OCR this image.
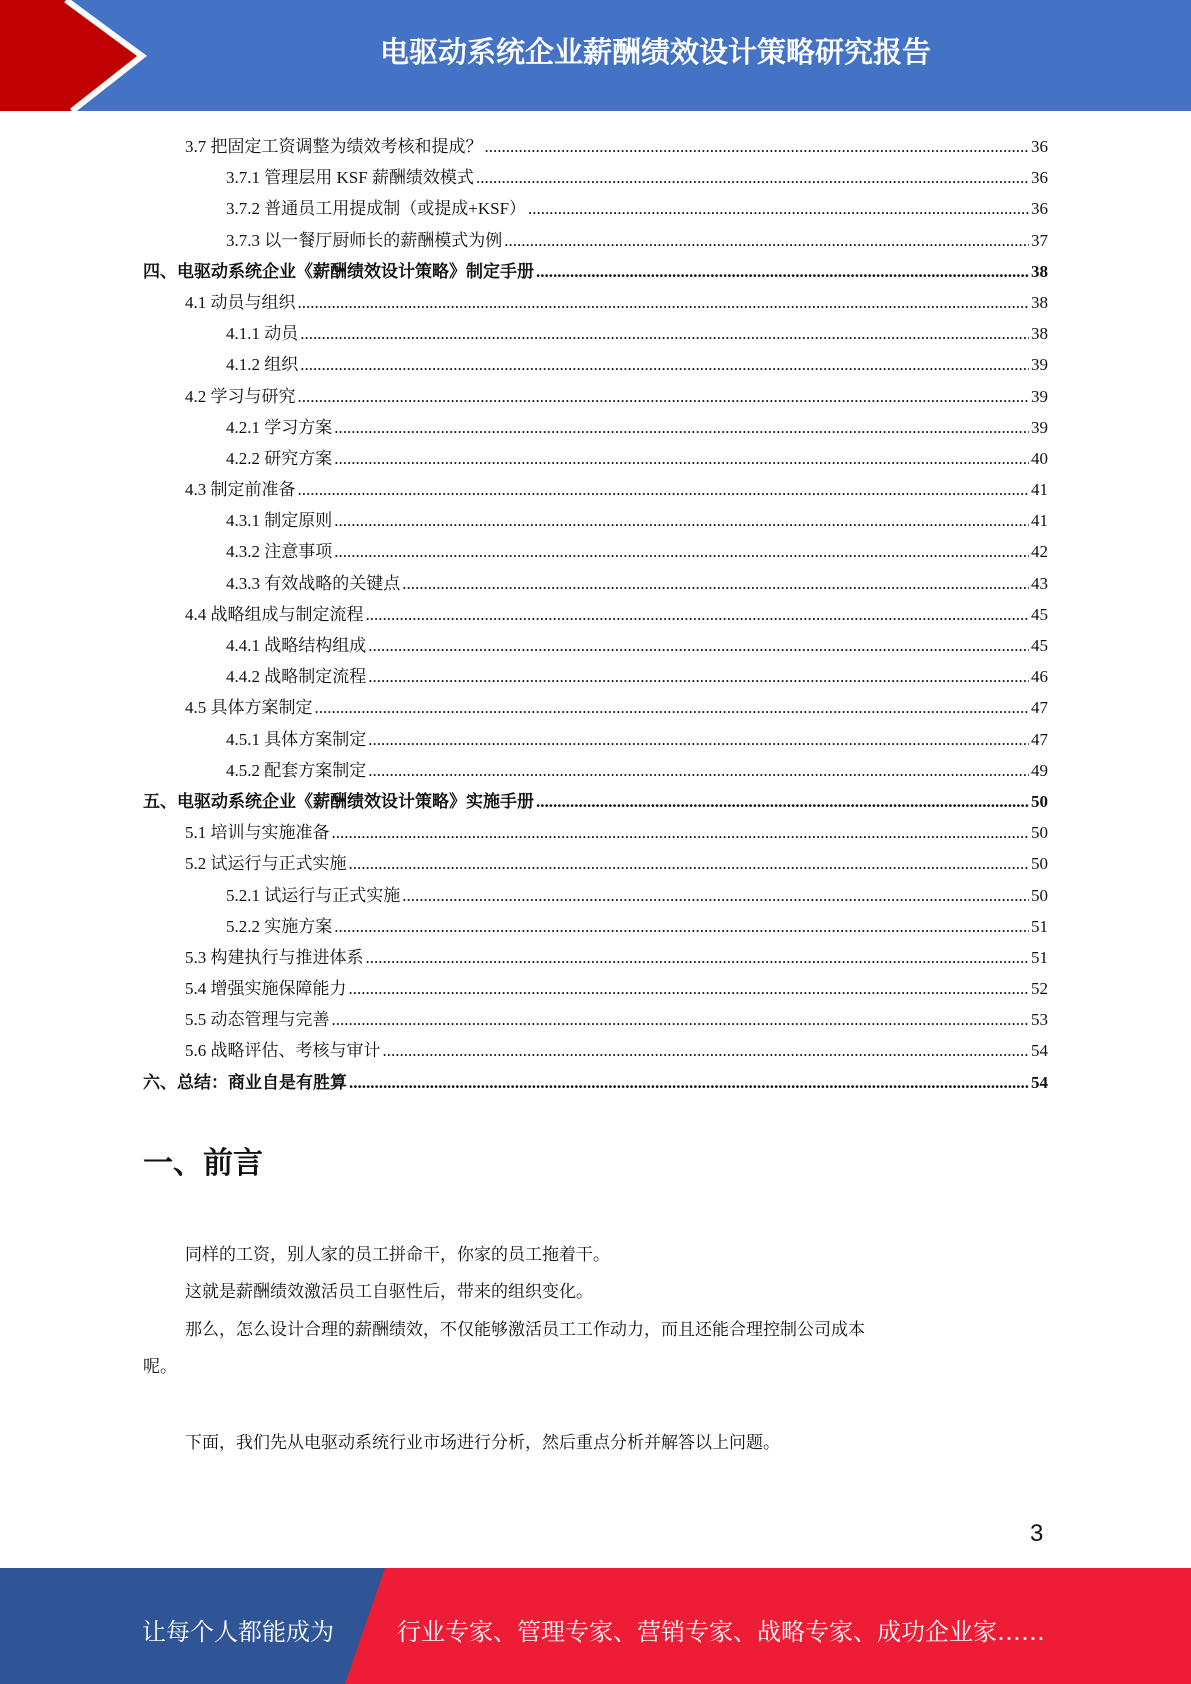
电驱动系统企业薪酬绩效设计策略研究报告
3.7 把固定工资调整为绩效考核和提成？ .....	36
3.7.1 管理层用 KSF 薪酬绩效模式 .....	36
3.7.2 普通员工用提成制（或提成+KSF） .....	36
3.7.3 以一餐厅厨师长的薪酬模式为例 .....	37
四、电驱动系统企业《薪酬绩效设计策略》制定手册 .....	38
4.1 动员与组织 .....	38
4.1.1 动员 .....	38
4.1.2 组织 .....	39
4.2 学习与研究 .....	39
4.2.1 学习方案 .....	39
4.2.2 研究方案 .....	40
4.3 制定前准备 .....	41
4.3.1 制定原则 .....	41
4.3.2 注意事项 .....	42
4.3.3 有效战略的关键点 .....	43
4.4 战略组成与制定流程 .....	45
4.4.1 战略结构组成 .....	45
4.4.2 战略制定流程 .....	46
4.5 具体方案制定 .....	47
4.5.1 具体方案制定 .....	47
4.5.2 配套方案制定 .....	49
五、电驱动系统企业《薪酬绩效设计策略》实施手册 .....	50
5.1 培训与实施准备 .....	50
5.2 试运行与正式实施 .....	50
5.2.1 试运行与正式实施 .....	50
5.2.2 实施方案 .....	51
5.3 构建执行与推进体系 .....	51
5.4 增强实施保障能力 .....	52
5.5 动态管理与完善 .....	53
5.6 战略评估、考核与审计 .....	54
六、总结：商业自是有胜算 .....	54
一、前言
同样的工资，别人家的员工拼命干，你家的员工拖着干。
这就是薪酬绩效激活员工自驱性后，带来的组织变化。
那么，怎么设计合理的薪酬绩效，不仅能够激活员工工作动力，而且还能合理控制公司成本
呢。
下面，我们先从电驱动系统行业市场进行分析，然后重点分析并解答以上问题。
3
让每个人都能成为	行业专家、管理专家、营销专家、战略专家、成功企业家……
